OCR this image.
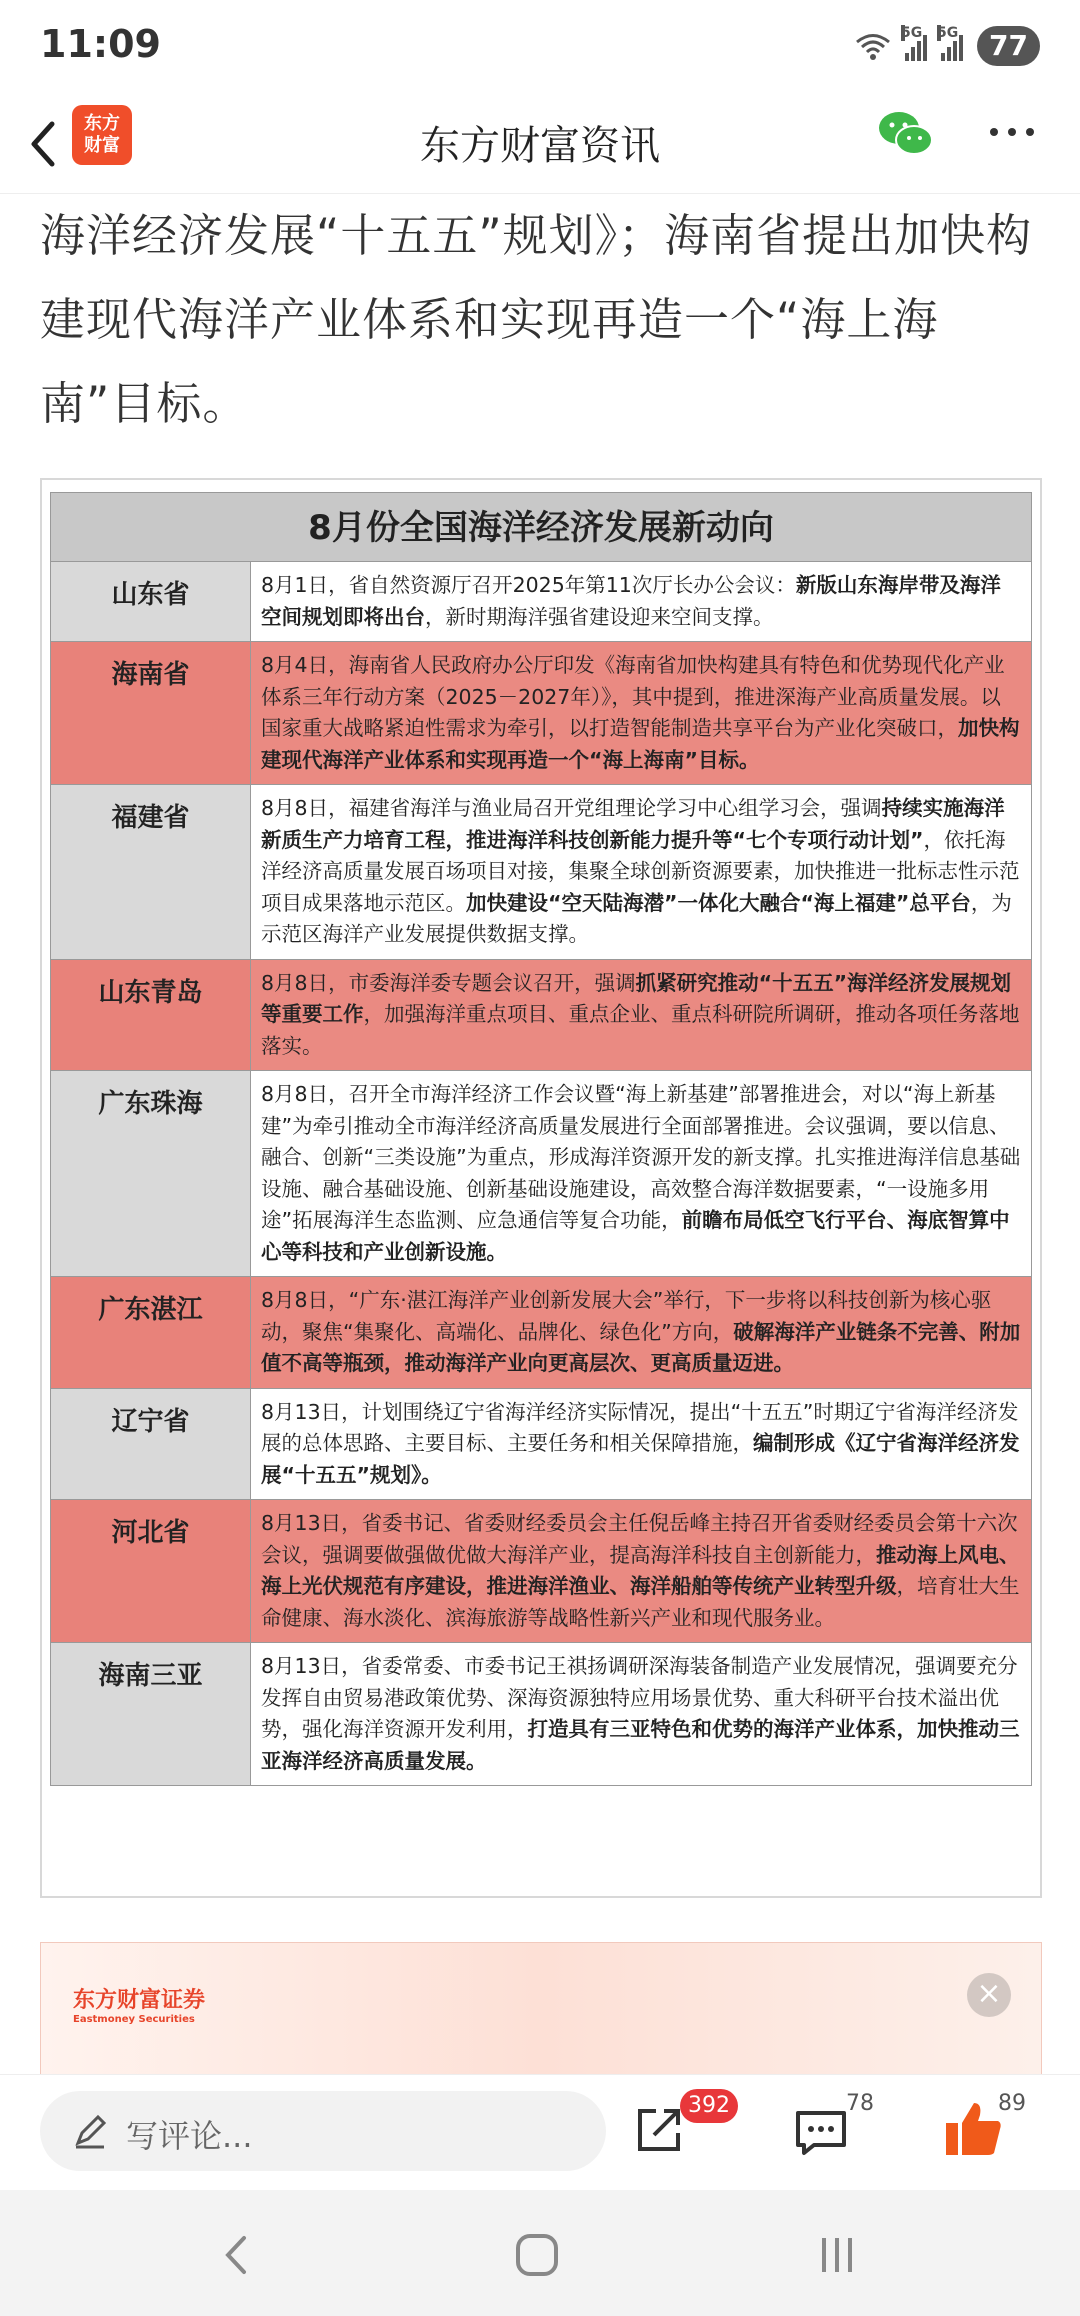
11:09	5G 5G	77
东方
财富	东方财富资讯
海洋经济发展“十五五”规划》；海南省提出加快构建现代海洋产业体系和实现再造一个“海上海南”目标。
8月份全国海洋经济发展新动向
山东省	8月1日，省自然资源厅召开2025年第11次厅长办公会议：新版山东海岸带及海洋空间规划即将出台，新时期海洋强省建设迎来空间支撑。
海南省	8月4日，海南省人民政府办公厅印发《海南省加快构建具有特色和优势现代化产业体系三年行动方案（2025－2027年）》，其中提到，推进深海产业高质量发展。以国家重大战略紧迫性需求为牵引，以打造智能制造共享平台为产业化突破口，加快构建现代海洋产业体系和实现再造一个“海上海南”目标。
福建省	8月8日，福建省海洋与渔业局召开党组理论学习中心组学习会，强调持续实施海洋新质生产力培育工程，推进海洋科技创新能力提升等“七个专项行动计划”，依托海洋经济高质量发展百场项目对接，集聚全球创新资源要素，加快推进一批标志性示范项目成果落地示范区。加快建设“空天陆海潜”一体化大融合“海上福建”总平台，为示范区海洋产业发展提供数据支撑。
山东青岛	8月8日，市委海洋委专题会议召开，强调抓紧研究推动“十五五”海洋经济发展规划等重要工作，加强海洋重点项目、重点企业、重点科研院所调研，推动各项任务落地落实。
广东珠海	8月8日，召开全市海洋经济工作会议暨“海上新基建”部署推进会，对以“海上新基建”为牵引推动全市海洋经济高质量发展进行全面部署推进。会议强调，要以信息、融合、创新“三类设施”为重点，形成海洋资源开发的新支撑。扎实推进海洋信息基础设施、融合基础设施、创新基础设施建设，高效整合海洋数据要素，“一设施多用途”拓展海洋生态监测、应急通信等复合功能，前瞻布局低空飞行平台、海底智算中心等科技和产业创新设施。
广东湛江	8月8日，“广东·湛江海洋产业创新发展大会”举行，下一步将以科技创新为核心驱动，聚焦“集聚化、高端化、品牌化、绿色化”方向，破解海洋产业链条不完善、附加值不高等瓶颈，推动海洋产业向更高层次、更高质量迈进。
辽宁省	8月13日，计划围绕辽宁省海洋经济实际情况，提出“十五五”时期辽宁省海洋经济发展的总体思路、主要目标、主要任务和相关保障措施，编制形成《辽宁省海洋经济发展“十五五”规划》。
河北省	8月13日，省委书记、省委财经委员会主任倪岳峰主持召开省委财经委员会第十六次会议，强调要做强做优做大海洋产业，提高海洋科技自主创新能力，推动海上风电、海上光伏规范有序建设，推进海洋渔业、海洋船舶等传统产业转型升级，培育壮大生命健康、海水淡化、滨海旅游等战略性新兴产业和现代服务业。
海南三亚	8月13日，省委常委、市委书记王祺扬调研深海装备制造产业发展情况，强调要充分发挥自由贸易港政策优势、深海资源独特应用场景优势、重大科研平台技术溢出优势，强化海洋资源开发利用，打造具有三亚特色和优势的海洋产业体系，加快推动三亚海洋经济高质量发展。
东方财富证券
Eastmoney Securities
×
写评论...
392	78	89
